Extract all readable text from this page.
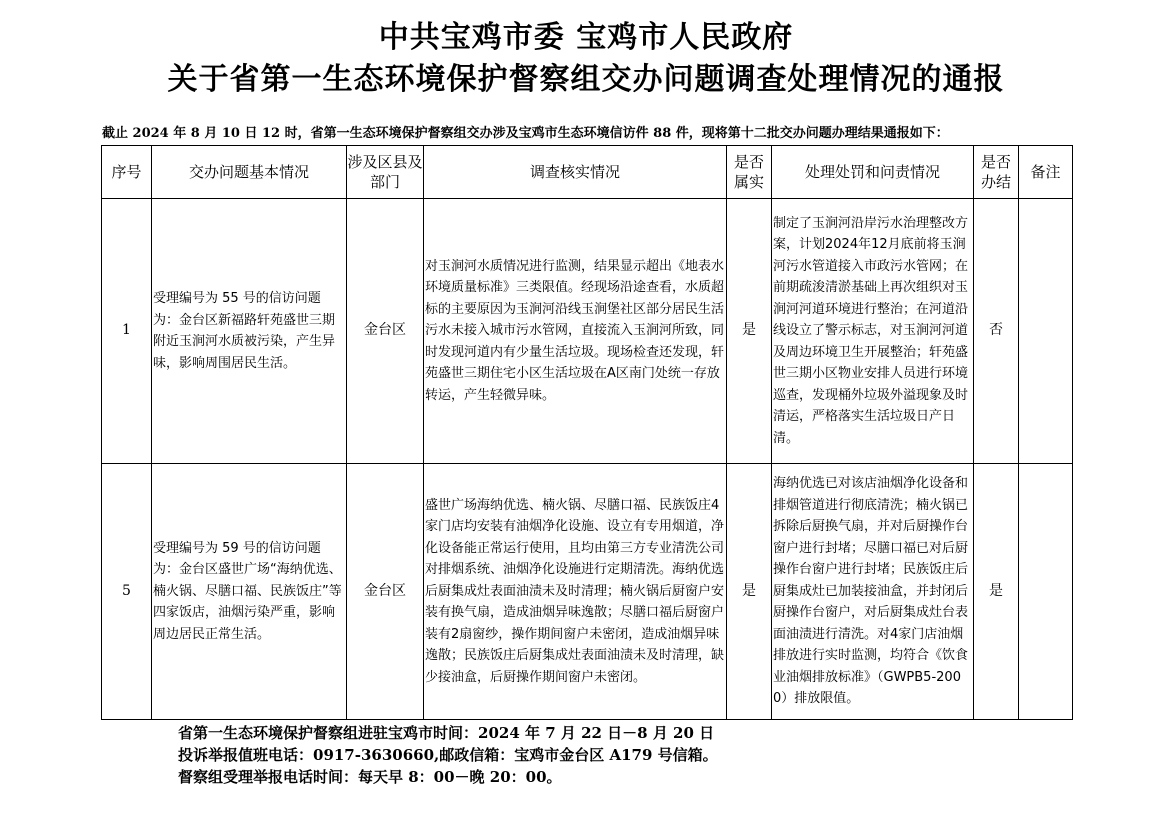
中共宝鸡市委 宝鸡市人民政府
关于省第一生态环境保护督察组交办问题调查处理情况的通报
截止 2024 年 8 月 10 日 12 时，省第一生态环境保护督察组交办涉及宝鸡市生态环境信访件 88 件，现将第十二批交办问题办理结果通报如下：
序号	交办问题基本情况	涉及区县及部门	调查核实情况	是否属实	处理处罚和问责情况	是否办结	备注
1	受理编号为 55 号的信访问题为：金台区新福路轩苑盛世三期附近玉涧河水质被污染，产生异味，影响周围居民生活。	金台区	对玉涧河水质情况进行监测，结果显示超出《地表水环境质量标准》三类限值。经现场沿途查看，水质超标的主要原因为玉涧河沿线玉涧堡社区部分居民生活污水未接入城市污水管网，直接流入玉涧河所致，同时发现河道内有少量生活垃圾。现场检查还发现，轩苑盛世三期住宅小区生活垃圾在A区南门处统一存放转运，产生轻微异味。	是	制定了玉涧河沿岸污水治理整改方案，计划2024年12月底前将玉涧河污水管道接入市政污水管网；在前期疏浚清淤基础上再次组织对玉涧河河道环境进行整治；在河道沿线设立了警示标志，对玉涧河河道及周边环境卫生开展整治；轩苑盛世三期小区物业安排人员进行环境巡查，发现桶外垃圾外溢现象及时清运，严格落实生活垃圾日产日清。	否	
5	受理编号为 59 号的信访问题为：金台区盛世广场“海纳优选、楠火锅、尽膳口福、民族饭庄”等四家饭店，油烟污染严重，影响周边居民正常生活。	金台区	盛世广场海纳优选、楠火锅、尽膳口福、民族饭庄4家门店均安装有油烟净化设施、设立有专用烟道，净化设备能正常运行使用，且均由第三方专业清洗公司对排烟系统、油烟净化设施进行定期清洗。海纳优选后厨集成灶表面油渍未及时清理；楠火锅后厨窗户安装有换气扇，造成油烟异味逸散；尽膳口福后厨窗户装有2扇窗纱，操作期间窗户未密闭，造成油烟异味逸散；民族饭庄后厨集成灶表面油渍未及时清理，缺少接油盒，后厨操作期间窗户未密闭。	是	海纳优选已对该店油烟净化设备和排烟管道进行彻底清洗；楠火锅已拆除后厨换气扇，并对后厨操作台窗户进行封堵；尽膳口福已对后厨操作台窗户进行封堵；民族饭庄后厨集成灶已加装接油盒，并封闭后厨操作台窗户，对后厨集成灶台表面油渍进行清洗。对4家门店油烟排放进行实时监测，均符合《饮食业油烟排放标准》（GWPB5-2000）排放限值。	是	
省第一生态环境保护督察组进驻宝鸡市时间：2024 年 7 月 22 日－8 月 20 日
投诉举报值班电话：0917-3630660,邮政信箱：宝鸡市金台区 A179 号信箱。
督察组受理举报电话时间：每天早 8：00－晚 20：00。
